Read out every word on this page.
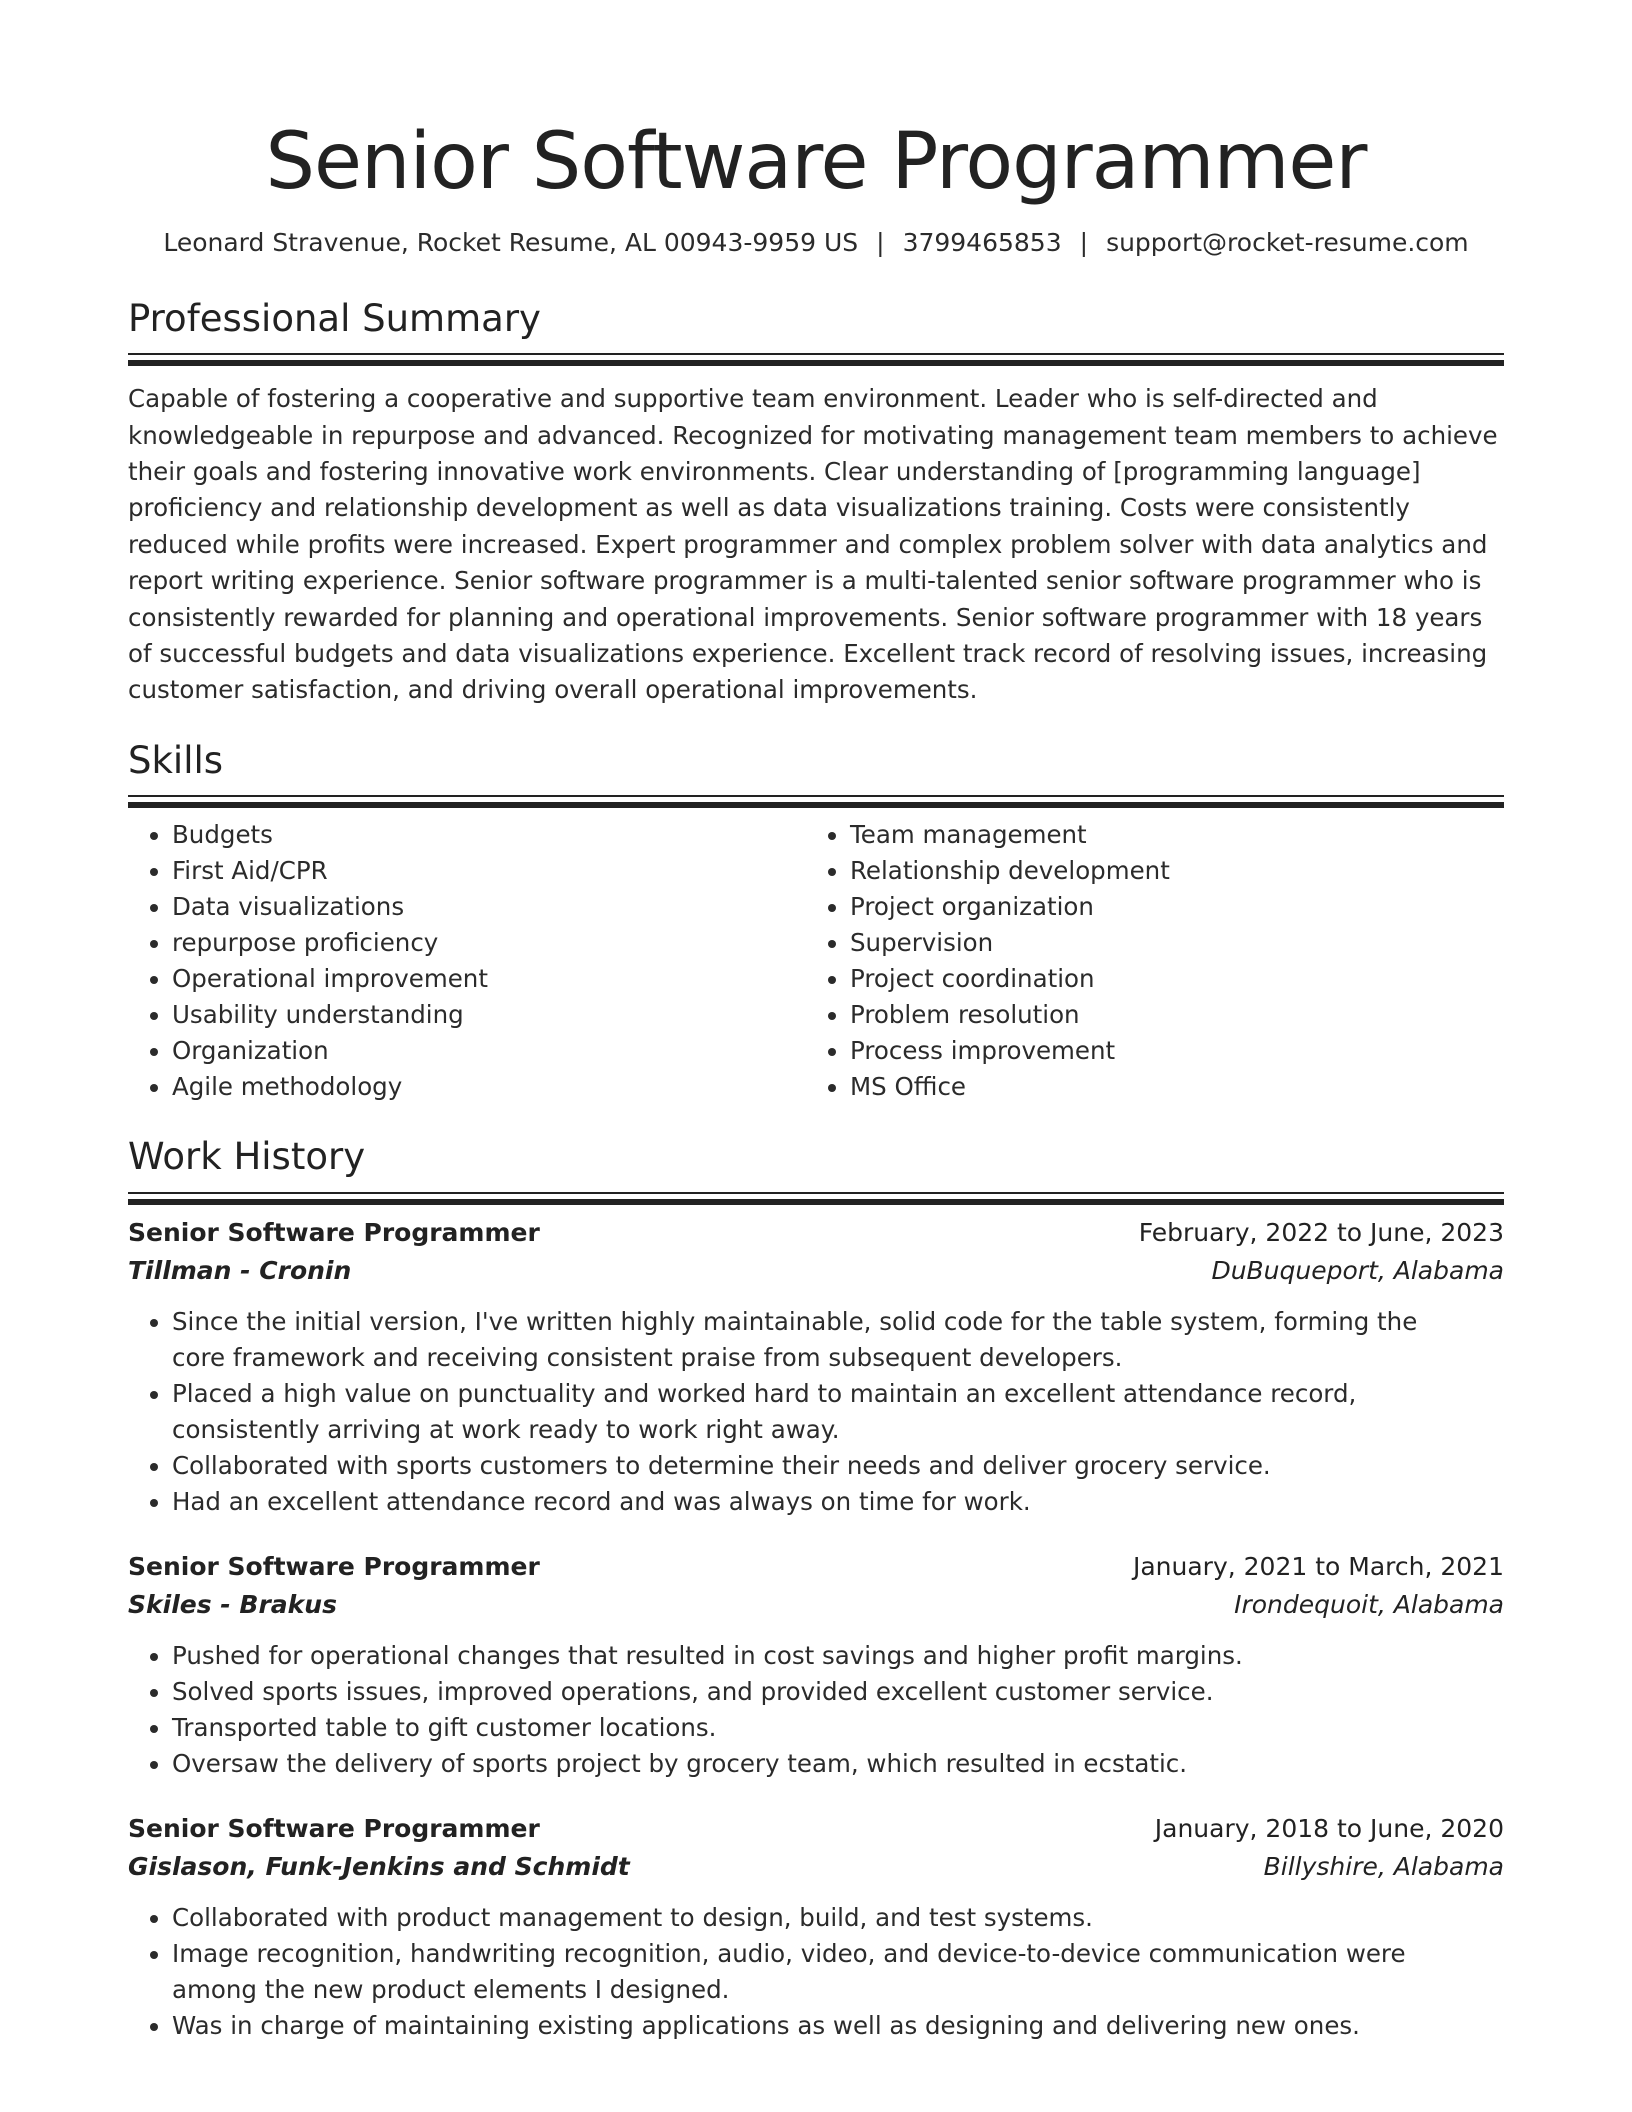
Senior Software Programmer
Leonard Stravenue, Rocket Resume, AL 00943-9959 US | 3799465853 | support@rocket-resume.com
Professional Summary

Capable of fostering a cooperative and supportive team environment. Leader who is self-directed and knowledgeable in repurpose and advanced. Recognized for motivating management team members to achieve their goals and fostering innovative work environments. Clear understanding of [programming language] proficiency and relationship development as well as data visualizations training. Costs were consistently reduced while profits were increased. Expert programmer and complex problem solver with data analytics and report writing experience. Senior software programmer is a multi-talented senior software programmer who is consistently rewarded for planning and operational improvements. Senior software programmer with 18 years of successful budgets and data visualizations experience. Excellent track record of resolving issues, increasing customer satisfaction, and driving overall operational improvements.

Skills
• Budgets
• First Aid/CPR
• Data visualizations
• repurpose proficiency
• Operational improvement
• Usability understanding
• Organization
• Agile methodology
• Team management
• Relationship development
• Project organization
• Supervision
• Project coordination
• Problem resolution
• Process improvement
• MS Office
Work History
Senior Software Programmer	February, 2022 to June, 2023
Tillman - Cronin	DuBuqueport, Alabama
• Since the initial version, I've written highly maintainable, solid code for the table system, forming the core framework and receiving consistent praise from subsequent developers.
• Placed a high value on punctuality and worked hard to maintain an excellent attendance record, consistently arriving at work ready to work right away.
• Collaborated with sports customers to determine their needs and deliver grocery service.
• Had an excellent attendance record and was always on time for work.
Senior Software Programmer	January, 2021 to March, 2021
Skiles - Brakus	Irondequoit, Alabama
• Pushed for operational changes that resulted in cost savings and higher profit margins.
• Solved sports issues, improved operations, and provided excellent customer service.
• Transported table to gift customer locations.
• Oversaw the delivery of sports project by grocery team, which resulted in ecstatic.
Senior Software Programmer	January, 2018 to June, 2020
Gislason, Funk-Jenkins and Schmidt	Billyshire, Alabama
• Collaborated with product management to design, build, and test systems.
• Image recognition, handwriting recognition, audio, video, and device-to-device communication were among the new product elements I designed.
• Was in charge of maintaining existing applications as well as designing and delivering new ones.
